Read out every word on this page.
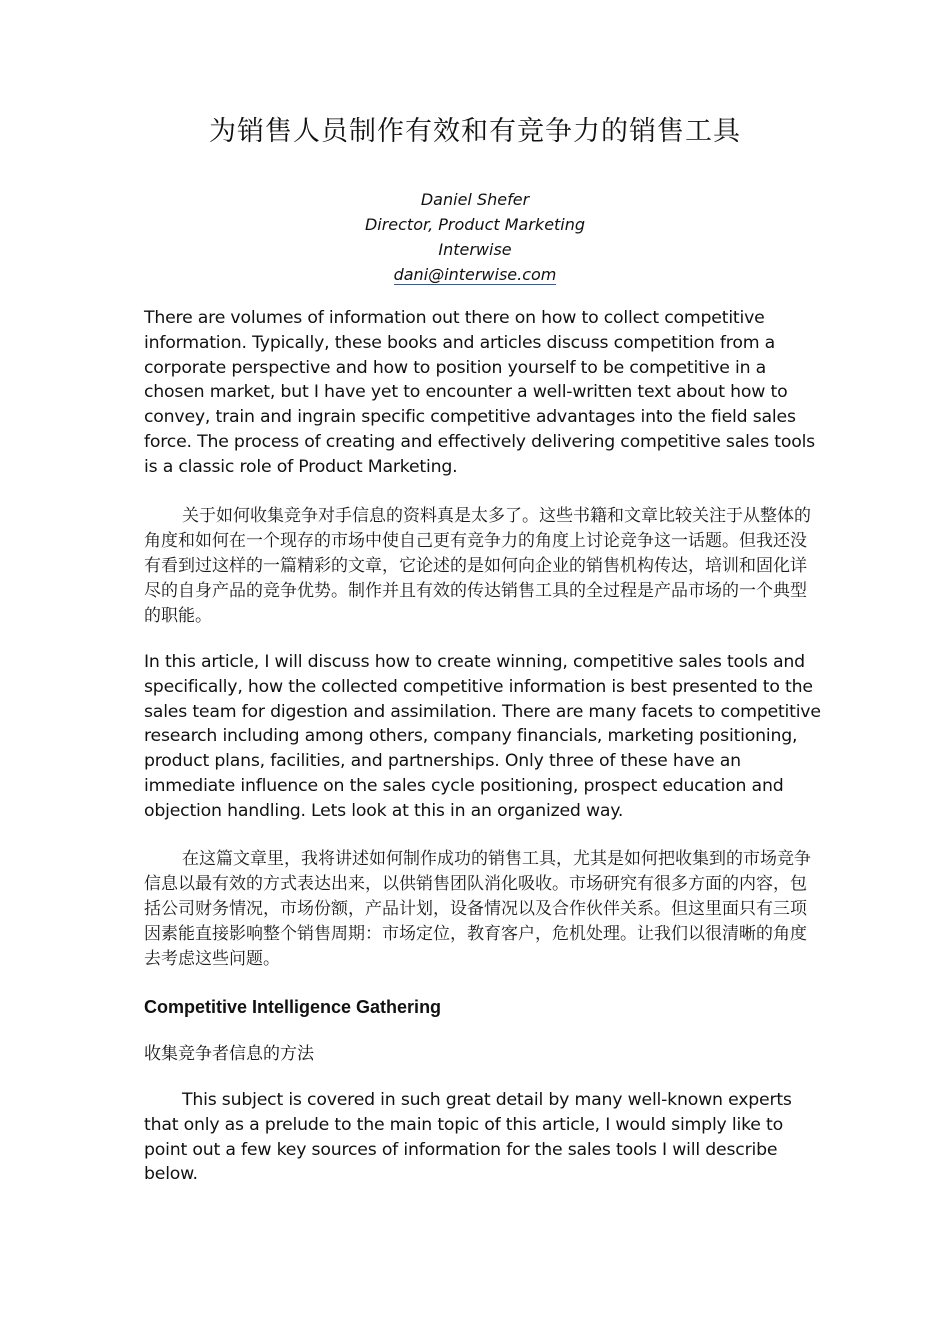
为销售人员制作有效和有竞争力的销售工具
Daniel Shefer
Director, Product Marketing
Interwise
dani@interwise.com

There are volumes of information out there on how to collect competitive information. Typically, these books and articles discuss competition from a corporate perspective and how to position yourself to be competitive in a chosen market, but I have yet to encounter a well-written text about how to convey, train and ingrain specific competitive advantages into the field sales force. The process of creating and effectively delivering competitive sales tools is a classic role of Product Marketing.

关于如何收集竞争对手信息的资料真是太多了。这些书籍和文章比较关注于从整体的角度和如何在一个现存的市场中使自己更有竞争力的角度上讨论竞争这一话题。但我还没有看到过这样的一篇精彩的文章，它论述的是如何向企业的销售机构传达，培训和固化详尽的自身产品的竞争优势。制作并且有效的传达销售工具的全过程是产品市场的一个典型的职能。

In this article, I will discuss how to create winning, competitive sales tools and specifically, how the collected competitive information is best presented to the sales team for digestion and assimilation. There are many facets to competitive research including among others, company financials, marketing positioning, product plans, facilities, and partnerships. Only three of these have an immediate influence on the sales cycle positioning, prospect education and objection handling. Lets look at this in an organized way.

在这篇文章里，我将讲述如何制作成功的销售工具，尤其是如何把收集到的市场竞争信息以最有效的方式表达出来，以供销售团队消化吸收。市场研究有很多方面的内容，包括公司财务情况，市场份额，产品计划，设备情况以及合作伙伴关系。但这里面只有三项因素能直接影响整个销售周期：市场定位，教育客户，危机处理。让我们以很清晰的角度去考虑这些问题。

Competitive Intelligence Gathering

收集竞争者信息的方法

This subject is covered in such great detail by many well-known experts that only as a prelude to the main topic of this article, I would simply like to point out a few key sources of information for the sales tools I will describe below.
